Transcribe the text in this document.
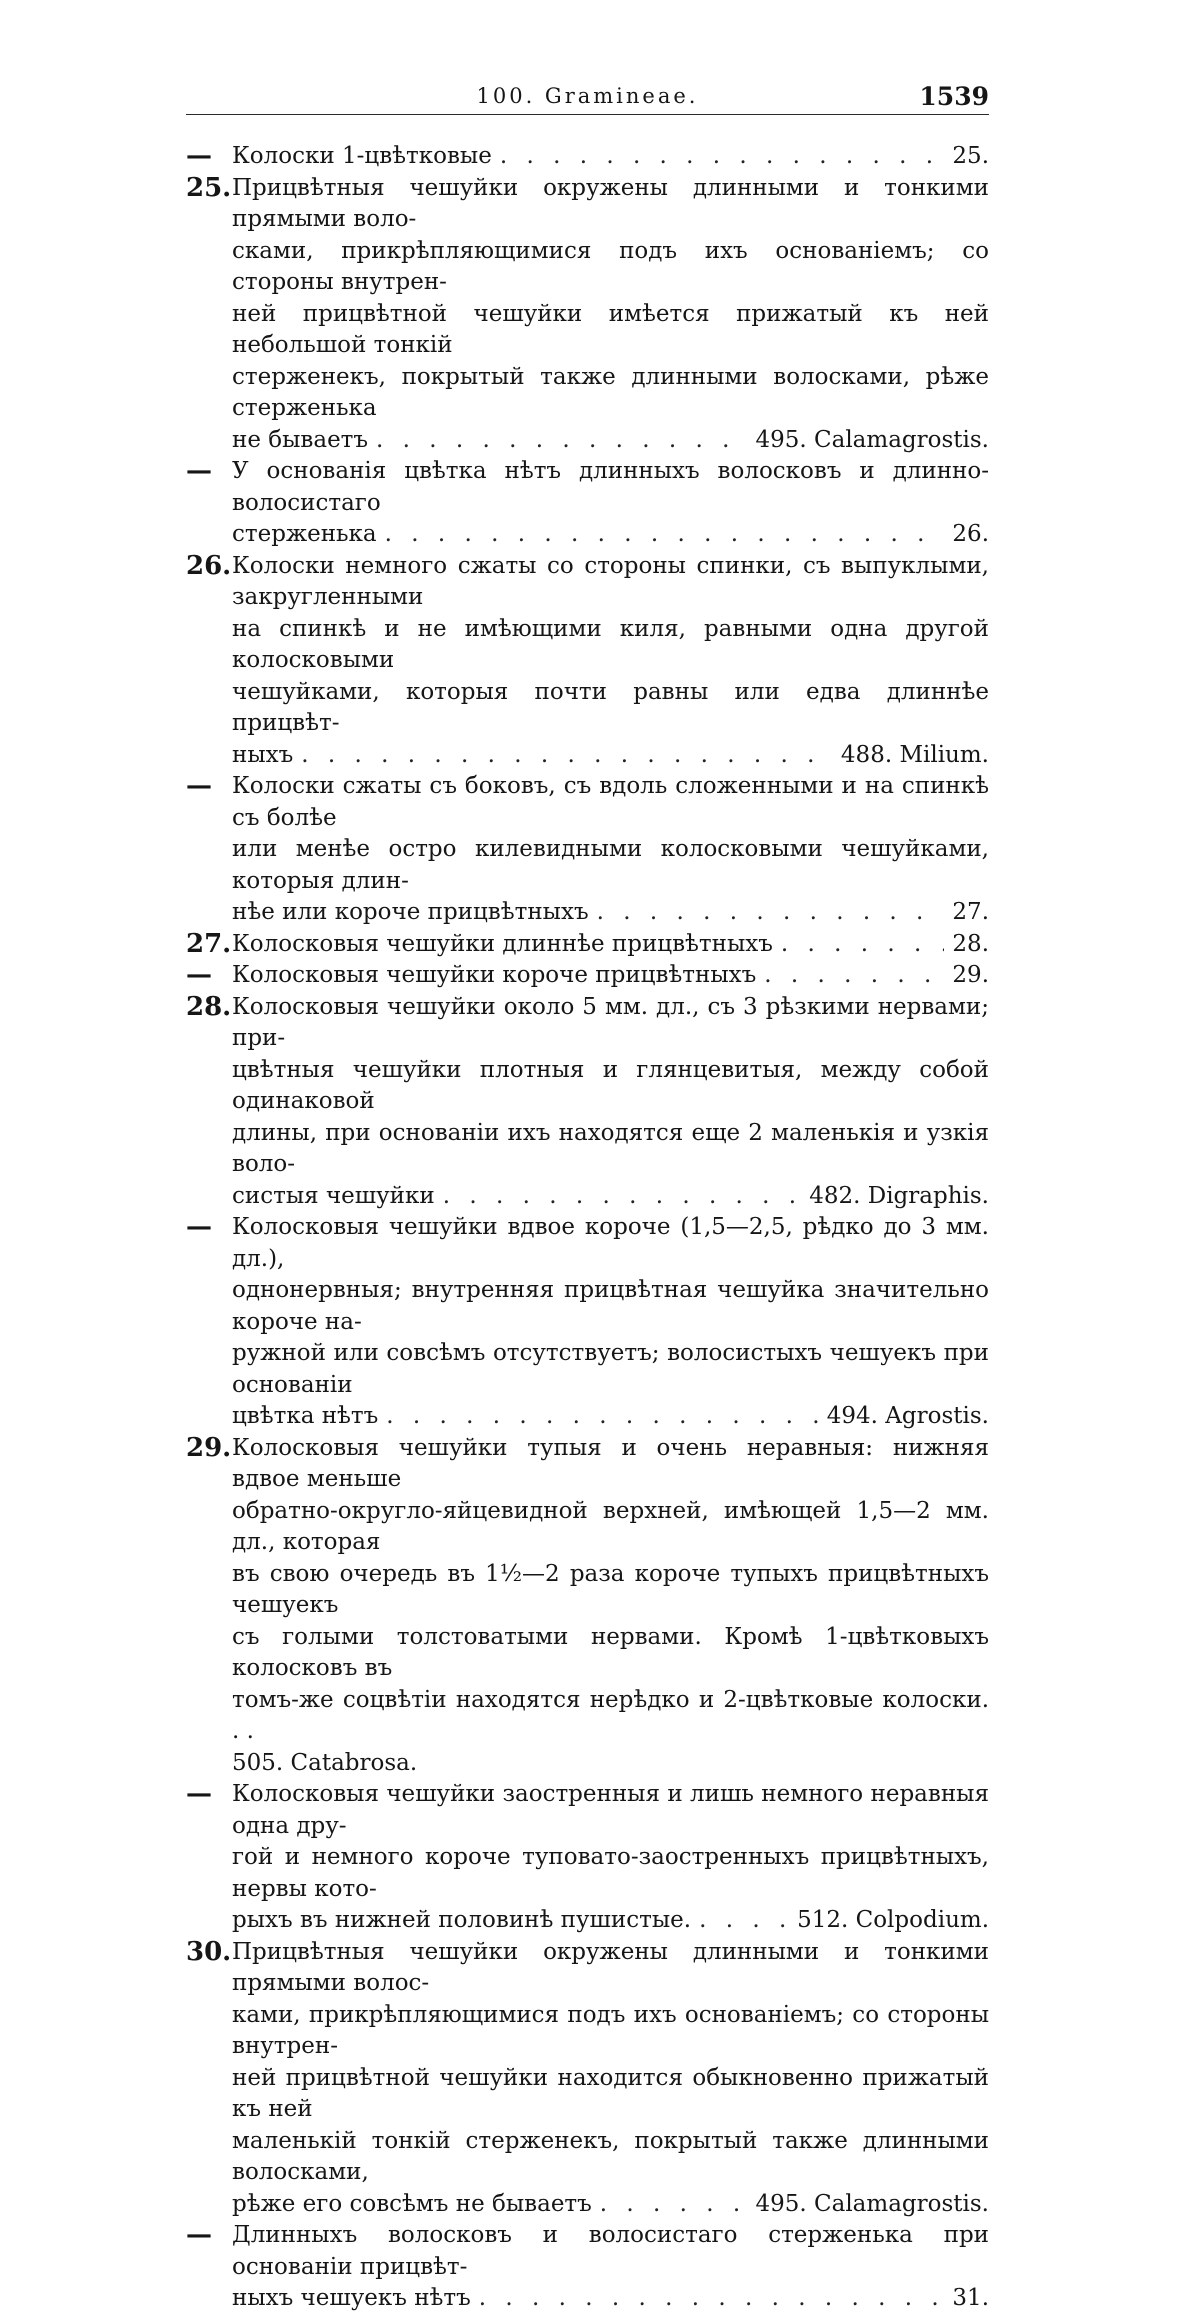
100. Gramineae.	1539
— Колоски 1-цвѣтковые . . .	25.
25. Прицвѣтныя чешуйки окружены длинными и тонкими прямыми воло-
сками, прикрѣпляющимися подъ ихъ основаніемъ; со стороны внутрен-
ней прицвѣтной чешуйки имѣется прижатый къ ней небольшой тонкій
стерженекъ, покрытый также длинными волосками, рѣже стерженька
не бываетъ . . .	495. Calamagrostis.
— У основанія цвѣтка нѣтъ длинныхъ волосковъ и длинно-волосистаго
стерженька . . .	26.
26. Колоски немного сжаты со стороны спинки, съ выпуклыми, закругленными
на спинкѣ и не имѣющими киля, равными одна другой колосковыми
чешуйками, которыя почти равны или едва длиннѣе прицвѣт-
ныхъ . . .	488. Milium.
— Колоски сжаты съ боковъ, съ вдоль сложенными и на спинкѣ съ болѣе
или менѣе остро килевидными колосковыми чешуйками, которыя длин-
нѣе или короче прицвѣтныхъ . . .	27.
27. Колосковыя чешуйки длиннѣе прицвѣтныхъ . . .	28.
— Колосковыя чешуйки короче прицвѣтныхъ . . .	29.
28. Колосковыя чешуйки около 5 мм. дл., съ 3 рѣзкими нервами; при-
цвѣтныя чешуйки плотныя и глянцевитыя, между собой одинаковой
длины, при основаніи ихъ находятся еще 2 маленькія и узкія воло-
систыя чешуйки . . .	482. Digraphis.
— Колосковыя чешуйки вдвое короче (1,5—2,5, рѣдко до 3 мм. дл.),
однонервныя; внутренняя прицвѣтная чешуйка значительно короче на-
ружной или совсѣмъ отсутствуетъ; волосистыхъ чешуекъ при основаніи
цвѣтка нѣтъ . . .	494. Agrostis.
29. Колосковыя чешуйки тупыя и очень неравныя: нижняя вдвое меньше
обратно-округло-яйцевидной верхней, имѣющей 1,5—2 мм. дл., которая
въ свою очередь въ 1½—2 раза короче тупыхъ прицвѣтныхъ чешуекъ
съ голыми толстоватыми нервами. Кромѣ 1-цвѣтковыхъ колосковъ въ
томъ-же соцвѣтіи находятся нерѣдко и 2-цвѣтковые колоски. . .
505. Catabrosa.
— Колосковыя чешуйки заостренныя и лишь немного неравныя одна дру-
гой и немного короче туповато-заостренныхъ прицвѣтныхъ, нервы кото-
рыхъ въ нижней половинѣ пушистые. . . .	512. Colpodium.
30. Прицвѣтныя чешуйки окружены длинными и тонкими прямыми волос-
ками, прикрѣпляющимися подъ ихъ основаніемъ; со стороны внутрен-
ней прицвѣтной чешуйки находится обыкновенно прижатый къ ней
маленькій тонкій стерженекъ, покрытый также длинными волосками,
рѣже его совсѣмъ не бываетъ . . .	495. Calamagrostis.
— Длинныхъ волосковъ и волосистаго стерженька при основаніи прицвѣт-
ныхъ чешуекъ нѣтъ . . .	31.
